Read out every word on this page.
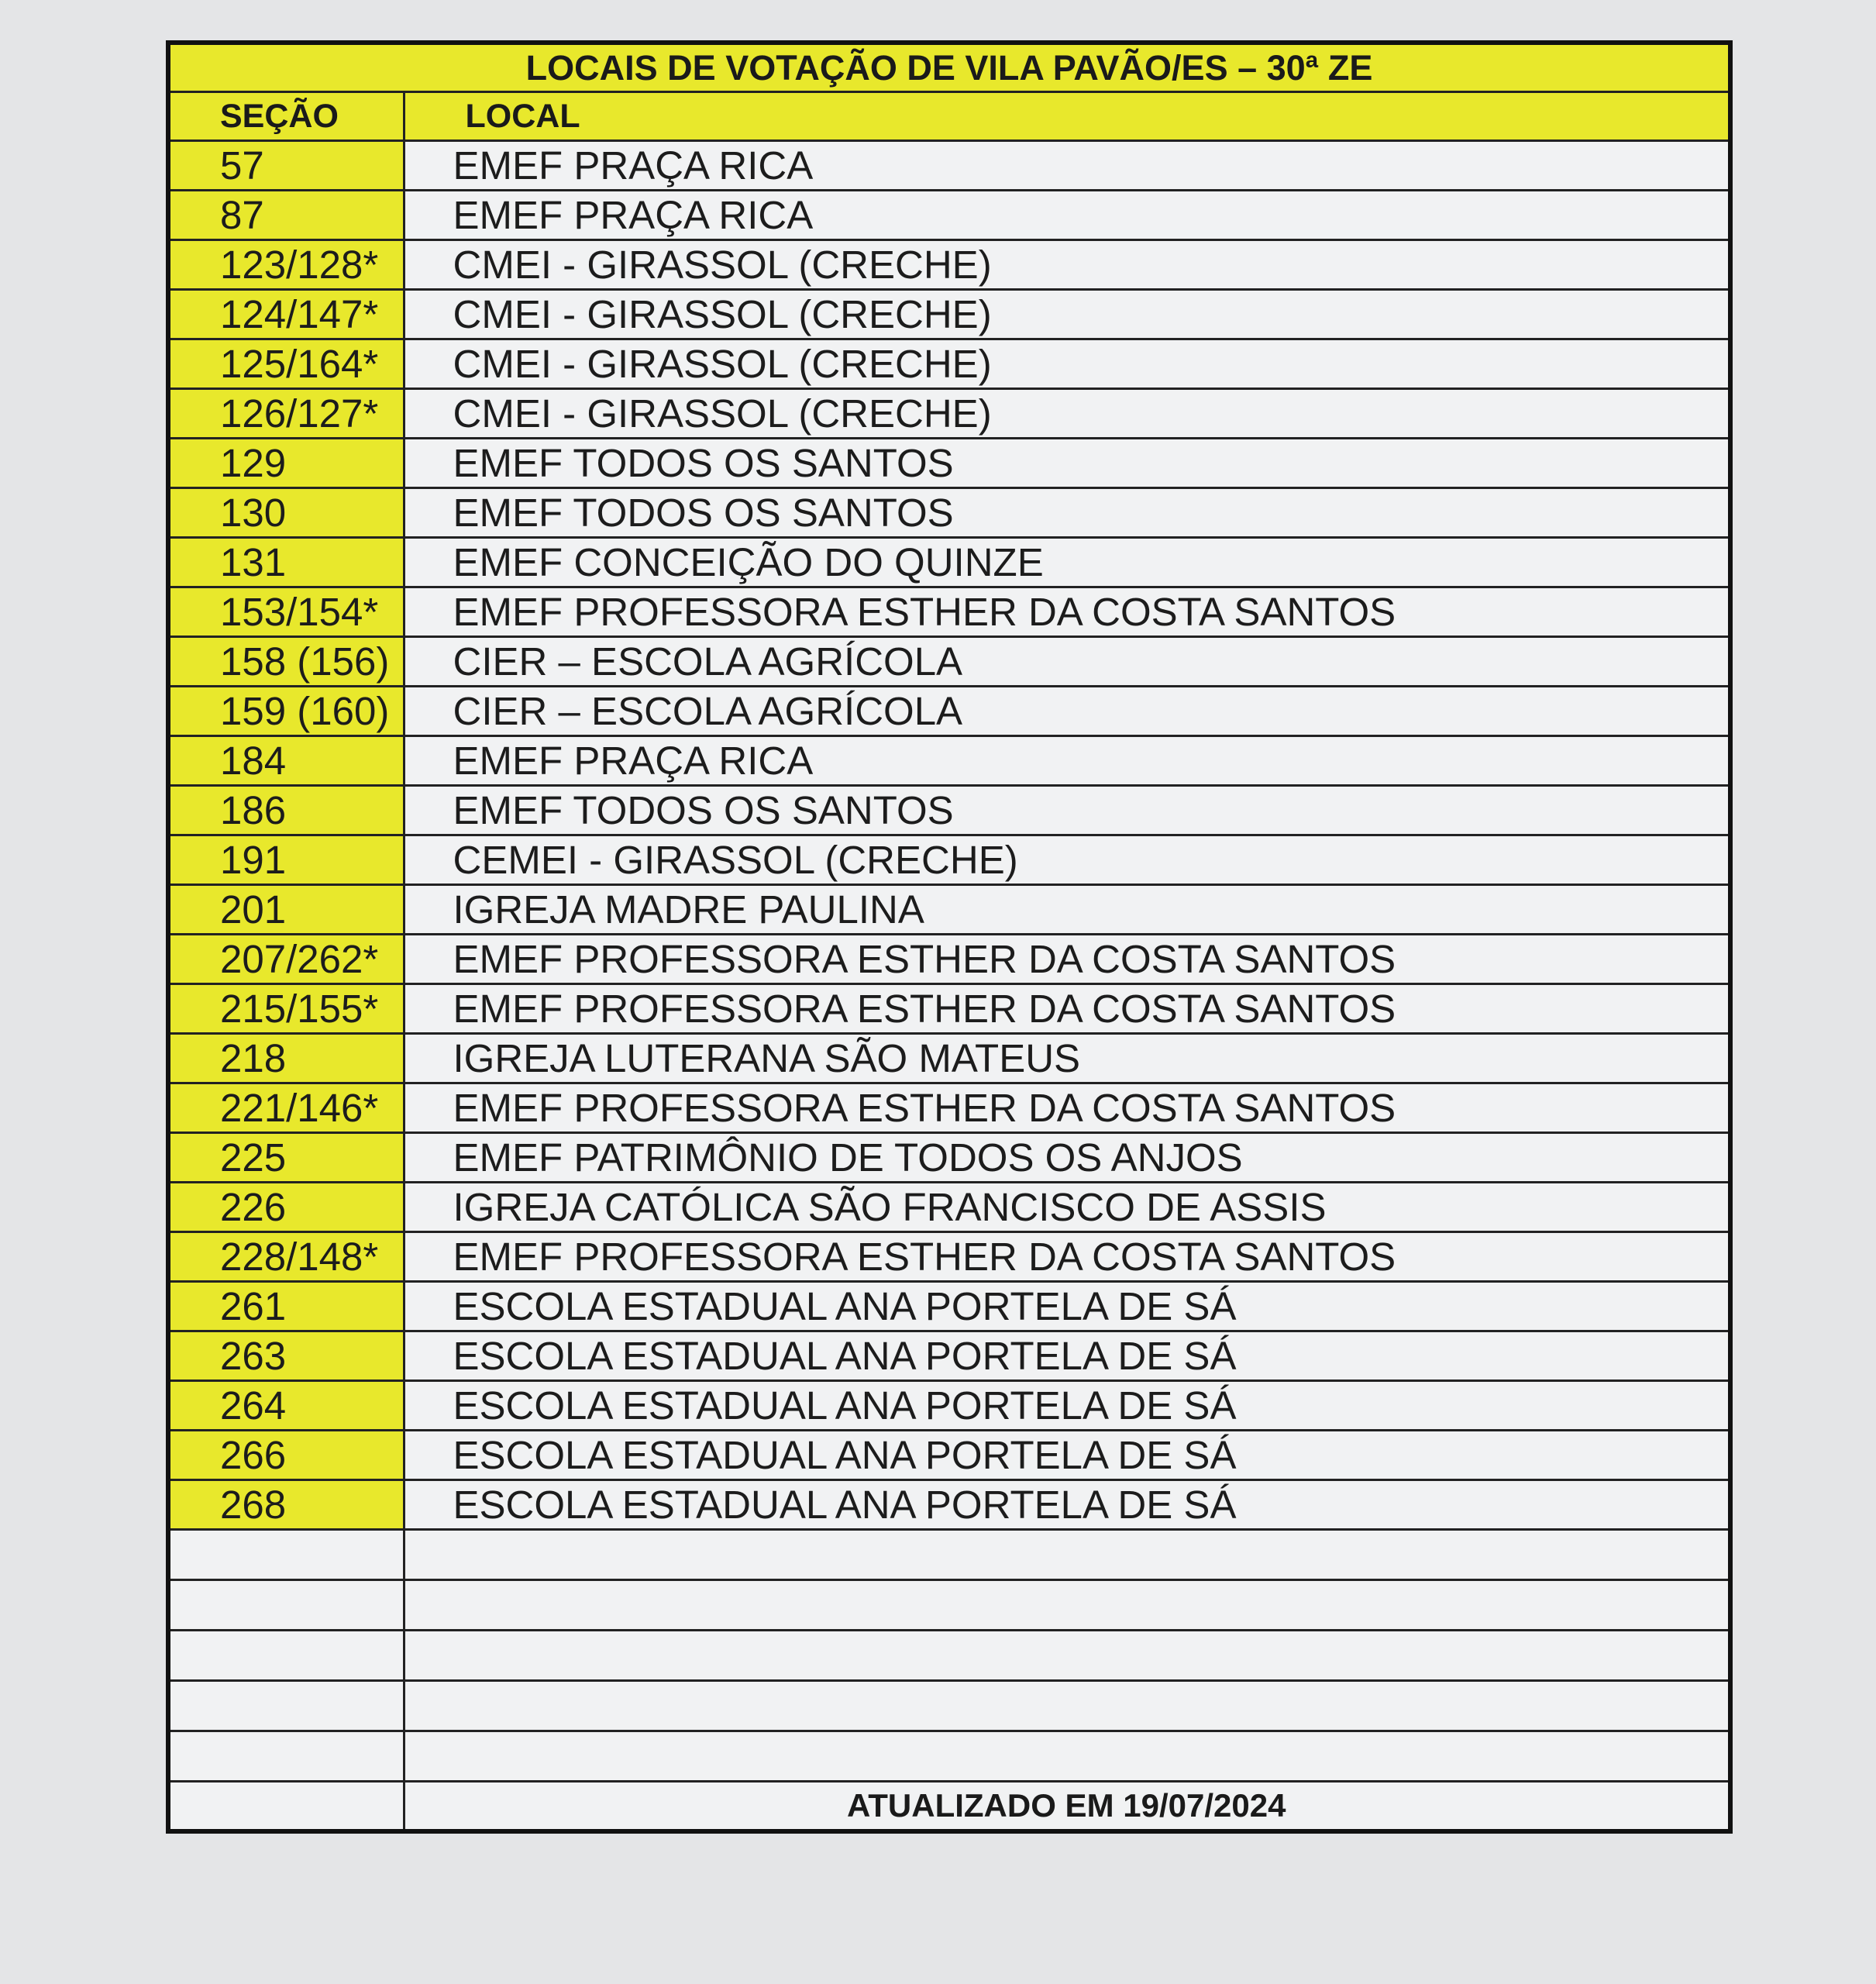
LOCAIS DE VOTAÇÃO DE VILA PAVÃO/ES – 30ª ZE	
SEÇÃO	LOCAL
57	EMEF PRAÇA RICA
87	EMEF PRAÇA RICA
123/128*	CMEI - GIRASSOL (CRECHE)
124/147*	CMEI - GIRASSOL (CRECHE)
125/164*	CMEI - GIRASSOL (CRECHE)
126/127*	CMEI - GIRASSOL (CRECHE)
129	EMEF TODOS OS SANTOS
130	EMEF TODOS OS SANTOS
131	EMEF CONCEIÇÃO DO QUINZE
153/154*	EMEF PROFESSORA ESTHER DA COSTA SANTOS
158 (156)	CIER – ESCOLA AGRÍCOLA
159 (160)	CIER – ESCOLA AGRÍCOLA
184	EMEF PRAÇA RICA
186	EMEF TODOS OS SANTOS
191	CEMEI - GIRASSOL (CRECHE)
201	IGREJA MADRE PAULINA
207/262*	EMEF PROFESSORA ESTHER DA COSTA SANTOS
215/155*	EMEF PROFESSORA ESTHER DA COSTA SANTOS
218	IGREJA LUTERANA SÃO MATEUS
221/146*	EMEF PROFESSORA ESTHER DA COSTA SANTOS
225	EMEF PATRIMÔNIO DE TODOS OS ANJOS
226	IGREJA CATÓLICA SÃO FRANCISCO DE ASSIS
228/148*	EMEF PROFESSORA ESTHER DA COSTA SANTOS
261	ESCOLA ESTADUAL ANA PORTELA DE SÁ
263	ESCOLA ESTADUAL ANA PORTELA DE SÁ
264	ESCOLA ESTADUAL ANA PORTELA DE SÁ
266	ESCOLA ESTADUAL ANA PORTELA DE SÁ
268	ESCOLA ESTADUAL ANA PORTELA DE SÁ

	ATUALIZADO EM 19/07/2024
